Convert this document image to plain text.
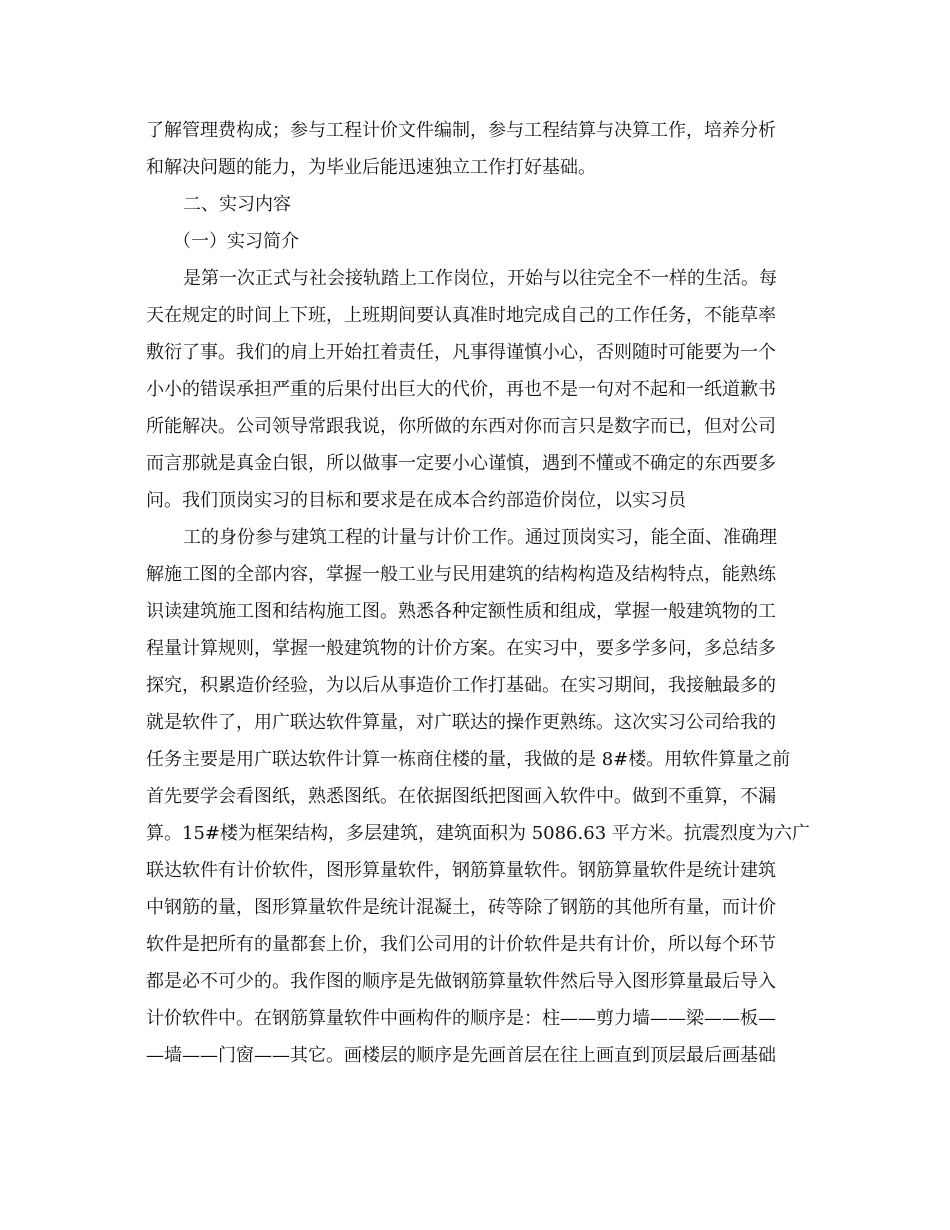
了解管理费构成；参与工程计价文件编制，参与工程结算与决算工作，培养分析
和解决问题的能力，为毕业后能迅速独立工作打好基础。
二、实习内容
（一）实习简介
是第一次正式与社会接轨踏上工作岗位，开始与以往完全不一样的生活。每
天在规定的时间上下班，上班期间要认真准时地完成自己的工作任务，不能草率
敷衍了事。我们的肩上开始扛着责任，凡事得谨慎小心，否则随时可能要为一个
小小的错误承担严重的后果付出巨大的代价，再也不是一句对不起和一纸道歉书
所能解决。公司领导常跟我说，你所做的东西对你而言只是数字而已，但对公司
而言那就是真金白银，所以做事一定要小心谨慎，遇到不懂或不确定的东西要多
问。我们顶岗实习的目标和要求是在成本合约部造价岗位，以实习员
工的身份参与建筑工程的计量与计价工作。通过顶岗实习，能全面、准确理
解施工图的全部内容，掌握一般工业与民用建筑的结构构造及结构特点，能熟练
识读建筑施工图和结构施工图。熟悉各种定额性质和组成，掌握一般建筑物的工
程量计算规则，掌握一般建筑物的计价方案。在实习中，要多学多问，多总结多
探究，积累造价经验，为以后从事造价工作打基础。在实习期间，我接触最多的
就是软件了，用广联达软件算量，对广联达的操作更熟练。这次实习公司给我的
任务主要是用广联达软件计算一栋商住楼的量，我做的是 8#楼。用软件算量之前
首先要学会看图纸，熟悉图纸。在依据图纸把图画入软件中。做到不重算，不漏
算。15#楼为框架结构，多层建筑，建筑面积为 5086.63 平方米。抗震烈度为六广
联达软件有计价软件，图形算量软件，钢筋算量软件。钢筋算量软件是统计建筑
中钢筋的量，图形算量软件是统计混凝土，砖等除了钢筋的其他所有量，而计价
软件是把所有的量都套上价，我们公司用的计价软件是共有计价，所以每个环节
都是必不可少的。我作图的顺序是先做钢筋算量软件然后导入图形算量最后导入
计价软件中。在钢筋算量软件中画构件的顺序是：柱——剪力墙——梁——板—
—墙——门窗——其它。画楼层的顺序是先画首层在往上画直到顶层最后画基础
